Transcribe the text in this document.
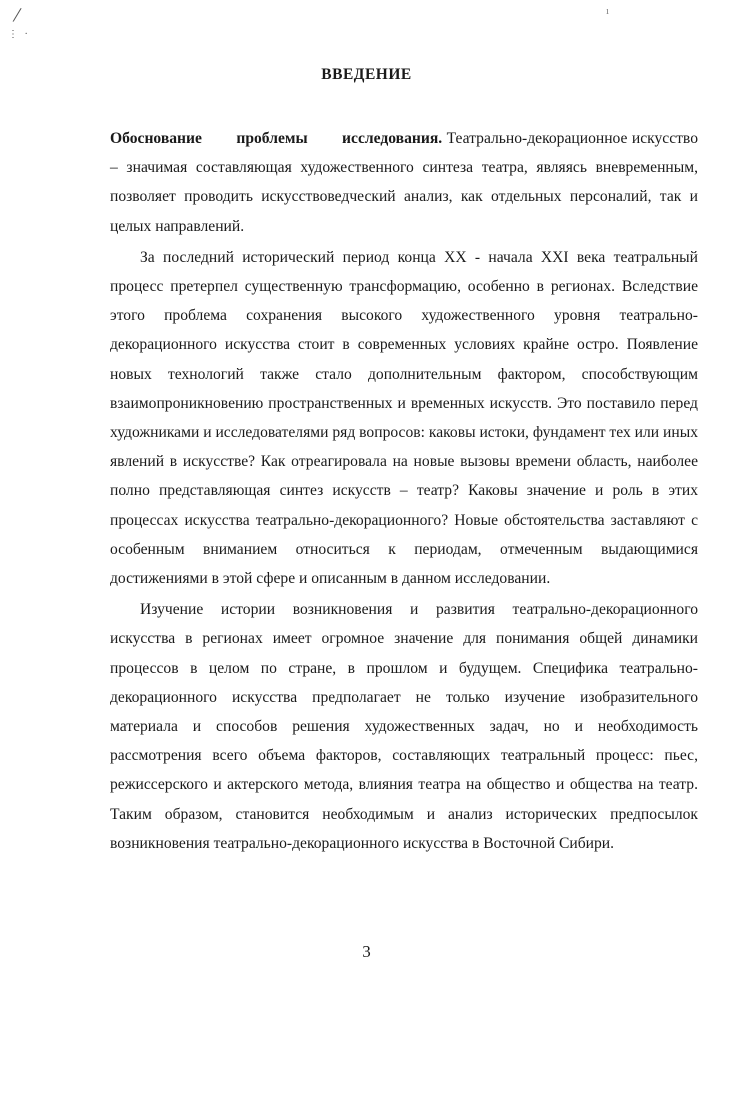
/
⋮ ·
ı
ВВЕДЕНИЕ

Обоснование проблемы исследования. Театрально-декорационное искусство – значимая составляющая художественного синтеза театра, являясь вневременным, позволяет проводить искусствоведческий анализ, как отдельных персоналий, так и целых направлений.

За последний исторический период конца ХХ - начала ХХI века театральный процесс претерпел существенную трансформацию, особенно в регионах. Вследствие этого проблема сохранения высокого художественного уровня театрально-декорационного искусства стоит в современных условиях крайне остро. Появление новых технологий также стало дополнительным фактором, способствующим взаимопроникновению пространственных и временных искусств. Это поставило перед художниками и исследователями ряд вопросов: каковы истоки, фундамент тех или иных явлений в искусстве? Как отреагировала на новые вызовы времени область, наиболее полно представляющая синтез искусств – театр? Каковы значение и роль в этих процессах искусства театрально-декорационного? Новые обстоятельства заставляют с особенным вниманием относиться к периодам, отмеченным выдающимися достижениями в этой сфере и описанным в данном исследовании.

Изучение истории возникновения и развития театрально-декорационного искусства в регионах имеет огромное значение для понимания общей динамики процессов в целом по стране, в прошлом и будущем. Специфика театрально-декорационного искусства предполагает не только изучение изобразительного материала и способов решения художественных задач, но и необходимость рассмотрения всего объема факторов, составляющих театральный процесс: пьес, режиссерского и актерского метода, влияния театра на общество и общества на театр. Таким образом, становится необходимым и анализ исторических предпосылок возникновения театрально-декорационного искусства в Восточной Сибири.

3
